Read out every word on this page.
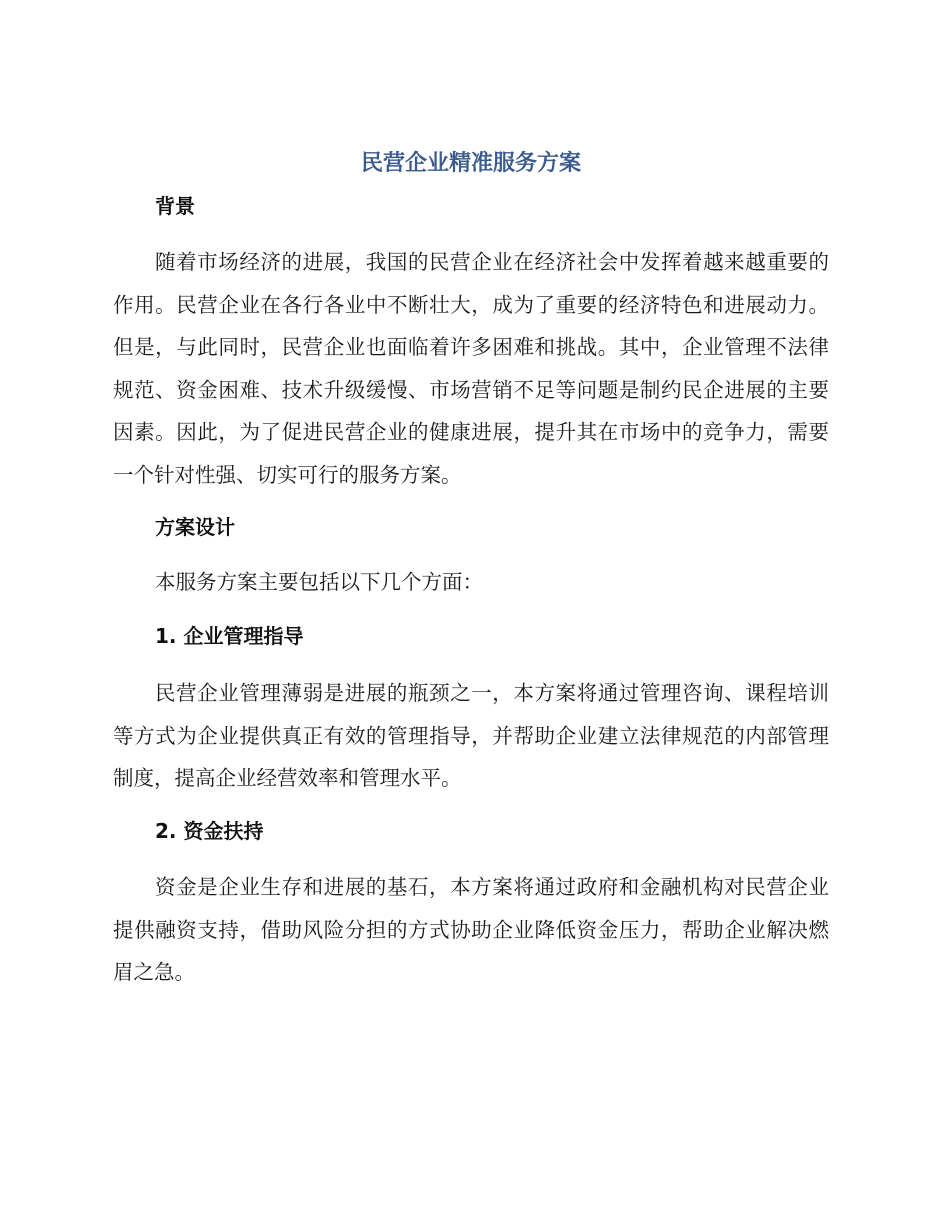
民营企业精准服务方案
背景

随着市场经济的进展，我国的民营企业在经济社会中发挥着越来越重要的作用。民营企业在各行各业中不断壮大，成为了重要的经济特色和进展动力。但是，与此同时，民营企业也面临着许多困难和挑战。其中，企业管理不法律规范、资金困难、技术升级缓慢、市场营销不足等问题是制约民企进展的主要因素。因此，为了促进民营企业的健康进展，提升其在市场中的竞争力，需要一个针对性强、切实可行的服务方案。

方案设计

本服务方案主要包括以下几个方面：

1. 企业管理指导

民营企业管理薄弱是进展的瓶颈之一，本方案将通过管理咨询、课程培训等方式为企业提供真正有效的管理指导，并帮助企业建立法律规范的内部管理制度，提高企业经营效率和管理水平。

2. 资金扶持

资金是企业生存和进展的基石，本方案将通过政府和金融机构对民营企业提供融资支持，借助风险分担的方式协助企业降低资金压力，帮助企业解决燃眉之急。
